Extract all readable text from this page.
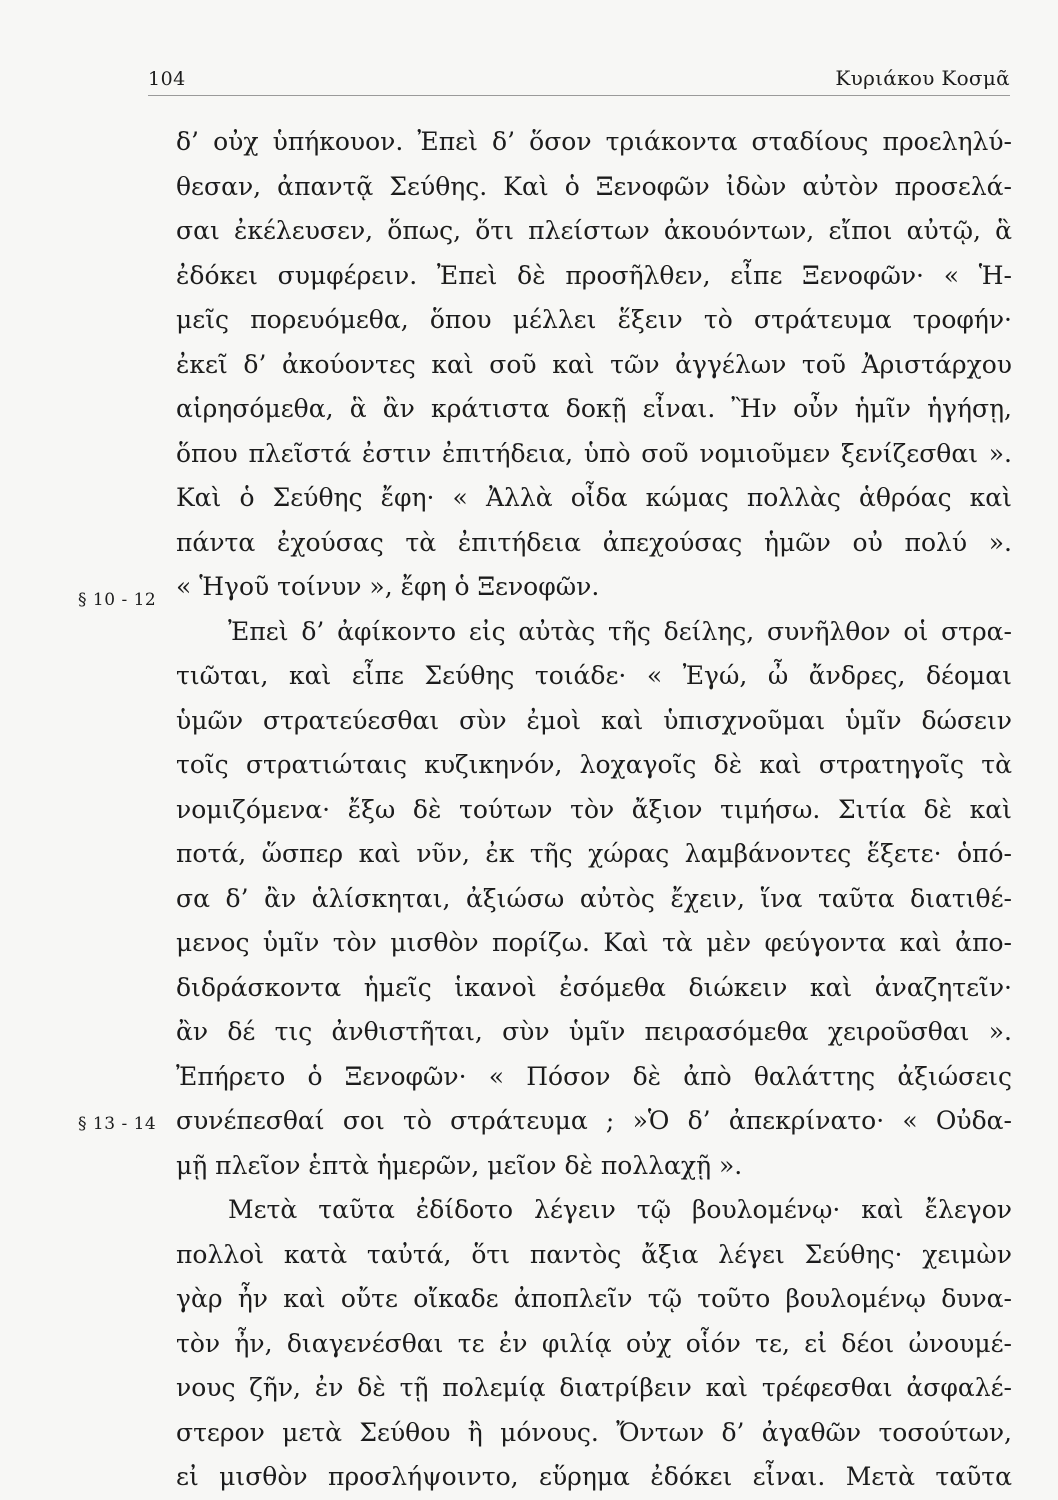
104	Κυριάκου Κοσμᾶ
§ 10 - 12
§ 13 - 14
δ’ οὐχ ὑπήκουον. Ἐπεὶ δ’ ὅσον τριάκοντα σταδίους προεληλύ-
θεσαν, ἀπαντᾷ Σεύθης. Καὶ ὁ Ξενοφῶν ἰδὼν αὐτὸν προσελά-
σαι ἐκέλευσεν, ὅπως, ὅτι πλείστων ἀκουόντων, εἴποι αὐτῷ, ἃ
ἐδόκει συμφέρειν. Ἐπεὶ δὲ προσῆλθεν, εἶπε Ξενοφῶν· « Ἡ-
μεῖς πορευόμεθα, ὅπου μέλλει ἕξειν τὸ στράτευμα τροφήν·
ἐκεῖ δ’ ἀκούοντες καὶ σοῦ καὶ τῶν ἀγγέλων τοῦ Ἀριστάρχου
αἱρησόμεθα, ἃ ἂν κράτιστα δοκῇ εἶναι. Ἢν οὖν ἡμῖν ἡγήσῃ,
ὅπου πλεῖστά ἐστιν ἐπιτήδεια, ὑπὸ σοῦ νομιοῦμεν ξενίζεσθαι ».
Καὶ ὁ Σεύθης ἔφη· « Ἀλλὰ οἶδα κώμας πολλὰς ἁθρόας καὶ
πάντα ἐχούσας τὰ ἐπιτήδεια ἀπεχούσας ἡμῶν οὐ πολύ ».
« Ἡγοῦ τοίνυν », ἔφη ὁ Ξενοφῶν.
Ἐπεὶ δ’ ἀφίκοντο εἰς αὐτὰς τῆς δείλης, συνῆλθον οἱ στρα-
τιῶται, καὶ εἶπε Σεύθης τοιάδε· « Ἐγώ, ὦ ἄνδρες, δέομαι
ὑμῶν στρατεύεσθαι σὺν ἐμοὶ καὶ ὑπισχνοῦμαι ὑμῖν δώσειν
τοῖς στρατιώταις κυζικηνόν, λοχαγοῖς δὲ καὶ στρατηγοῖς τὰ
νομιζόμενα· ἔξω δὲ τούτων τὸν ἄξιον τιμήσω. Σιτία δὲ καὶ
ποτά, ὥσπερ καὶ νῦν, ἐκ τῆς χώρας λαμβάνοντες ἕξετε· ὁπό-
σα δ’ ἂν ἁλίσκηται, ἀξιώσω αὐτὸς ἔχειν, ἵνα ταῦτα διατιθέ-
μενος ὑμῖν τὸν μισθὸν πορίζω. Καὶ τὰ μὲν φεύγοντα καὶ ἀπο-
διδράσκοντα ἡμεῖς ἱκανοὶ ἐσόμεθα διώκειν καὶ ἀναζητεῖν·
ἂν δέ τις ἀνθιστῆται, σὺν ὑμῖν πειρασόμεθα χειροῦσθαι ».
Ἐπήρετο ὁ Ξενοφῶν· « Πόσον δὲ ἀπὸ θαλάττης ἀξιώσεις
συνέπεσθαί σοι τὸ στράτευμα ; »Ὁ δ’ ἀπεκρίνατο· « Οὐδα-
μῇ πλεῖον ἑπτὰ ἡμερῶν, μεῖον δὲ πολλαχῇ ».
Μετὰ ταῦτα ἐδίδοτο λέγειν τῷ βουλομένῳ· καὶ ἔλεγον
πολλοὶ κατὰ ταὐτά, ὅτι παντὸς ἄξια λέγει Σεύθης· χειμὼν
γὰρ ἦν καὶ οὔτε οἴκαδε ἀποπλεῖν τῷ τοῦτο βουλομένῳ δυνα-
τὸν ἦν, διαγενέσθαι τε ἐν φιλίᾳ οὐχ οἷόν τε, εἰ δέοι ὠνουμέ-
νους ζῆν, ἐν δὲ τῇ πολεμίᾳ διατρίβειν καὶ τρέφεσθαι ἀσφαλέ-
στερον μετὰ Σεύθου ἢ μόνους. Ὄντων δ’ ἀγαθῶν τοσούτων,
εἰ μισθὸν προσλήψοιντο, εὕρημα ἐδόκει εἶναι. Μετὰ ταῦτα
